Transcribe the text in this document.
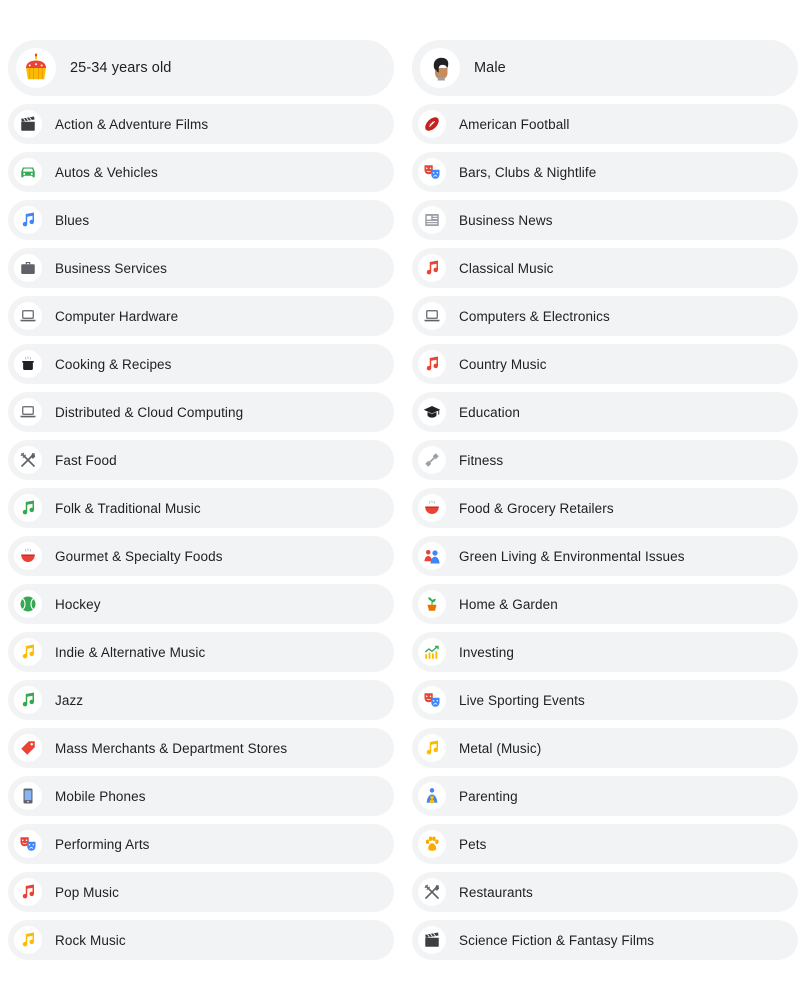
25-34 years old
Action & Adventure Films
Autos & Vehicles
Blues
Business Services
Computer Hardware
Cooking & Recipes
Distributed & Cloud Computing
Fast Food
Folk & Traditional Music
Gourmet & Specialty Foods
Hockey
Indie & Alternative Music
Jazz
Mass Merchants & Department Stores
Mobile Phones
Performing Arts
Pop Music
Rock Music
Male
American Football
Bars, Clubs & Nightlife
Business News
Classical Music
Computers & Electronics
Country Music
Education
Fitness
Food & Grocery Retailers
Green Living & Environmental Issues
Home & Garden
Investing
Live Sporting Events
Metal (Music)
Parenting
Pets
Restaurants
Science Fiction & Fantasy Films
